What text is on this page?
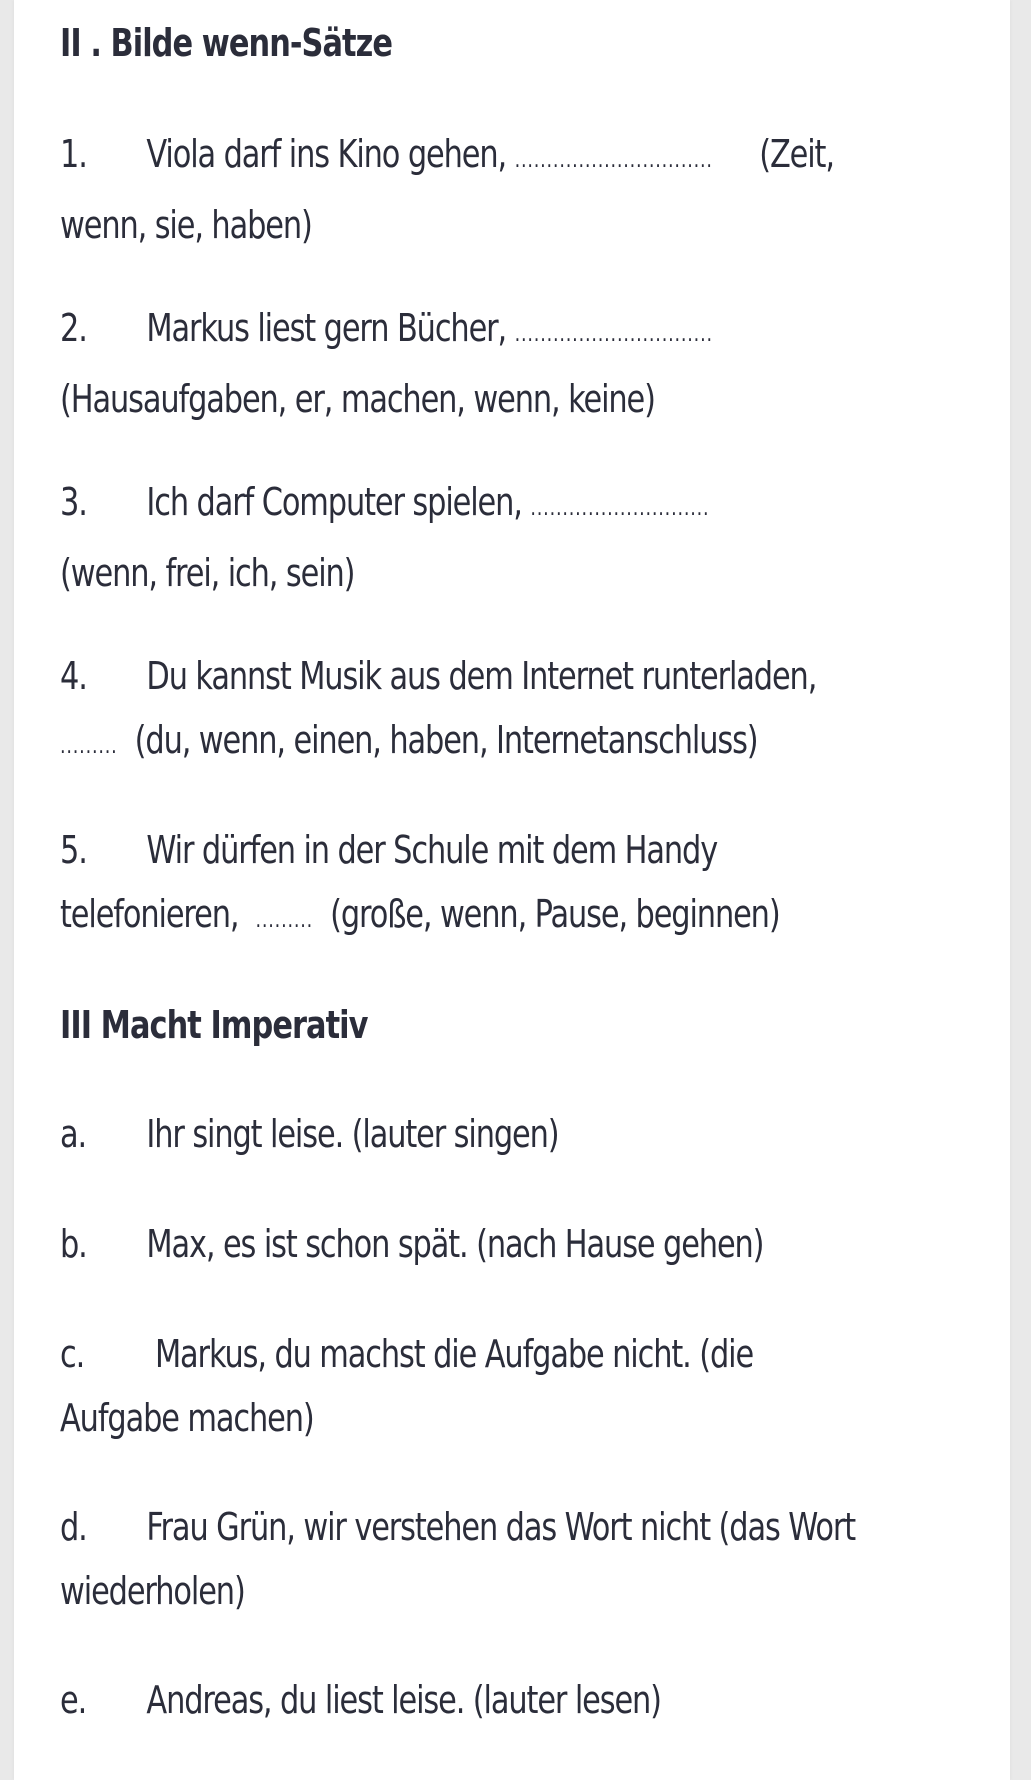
II . Bilde wenn-Sätze
1. Viola darf ins Kino gehen, ............................... (Zeit,
wenn, sie, haben)
2. Markus liest gern Bücher, ...............................
(Hausaufgaben, er, machen, wenn, keine)
3. Ich darf Computer spielen, ............................
(wenn, frei, ich, sein)
4. Du kannst Musik aus dem Internet runterladen,
......... (du, wenn, einen, haben, Internetanschluss)
5. Wir dürfen in der Schule mit dem Handy
telefonieren, ......... (große, wenn, Pause, beginnen)
III Macht Imperativ
a. Ihr singt leise. (lauter singen)
b. Max, es ist schon spät. (nach Hause gehen)
c. Markus, du machst die Aufgabe nicht. (die
Aufgabe machen)
d. Frau Grün, wir verstehen das Wort nicht (das Wort
wiederholen)
e. Andreas, du liest leise. (lauter lesen)
